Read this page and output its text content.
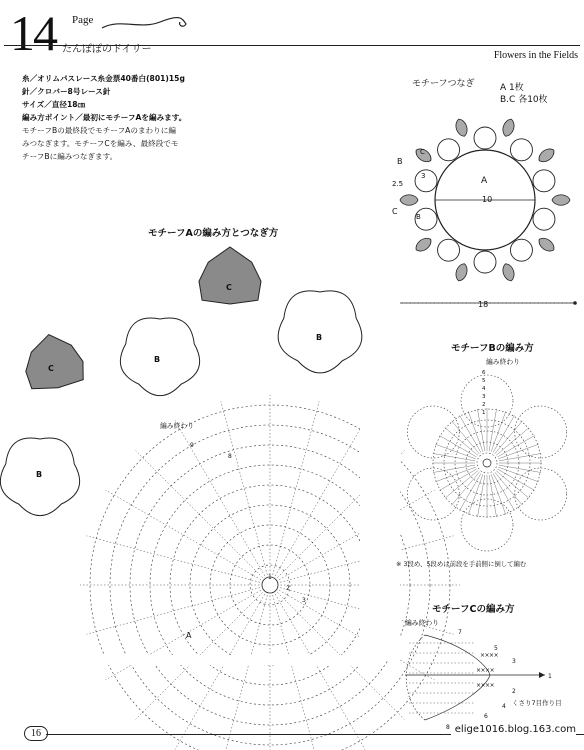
14 Page
たんぽぽのドイリー
Flowers in the Fields
糸／オリムパスレース糸金票40番白(801)15g
針／クロバー8号レース針
サイズ／直径18㎝
編み方ポイント／最初にモチーフAを編みます。
モチーフBの最終段でモチーフAのまわりに編
みつなぎます。モチーフCを編み、最終段でモ
チーフBに編みつなぎます。
モチーフつなぎ	A 1枚
B.C 各10枚
A
B
C
C
B
10
3
2.5
18
モチーフAの編み方とつなぎ方
C
C
B
B
B
A
編み終わり
1
2
3
8
9
モチーフBの編み方
編み終わり
6
5
4
3
2
1
※ 3段め、5段めは前段を手前側に倒して編む
モチーフCの編み方
編み終わり
7
5
3
1
2
4
6
8
××××
××××
××××
くさり7目作り目
16	elige1016.blog.163.com
